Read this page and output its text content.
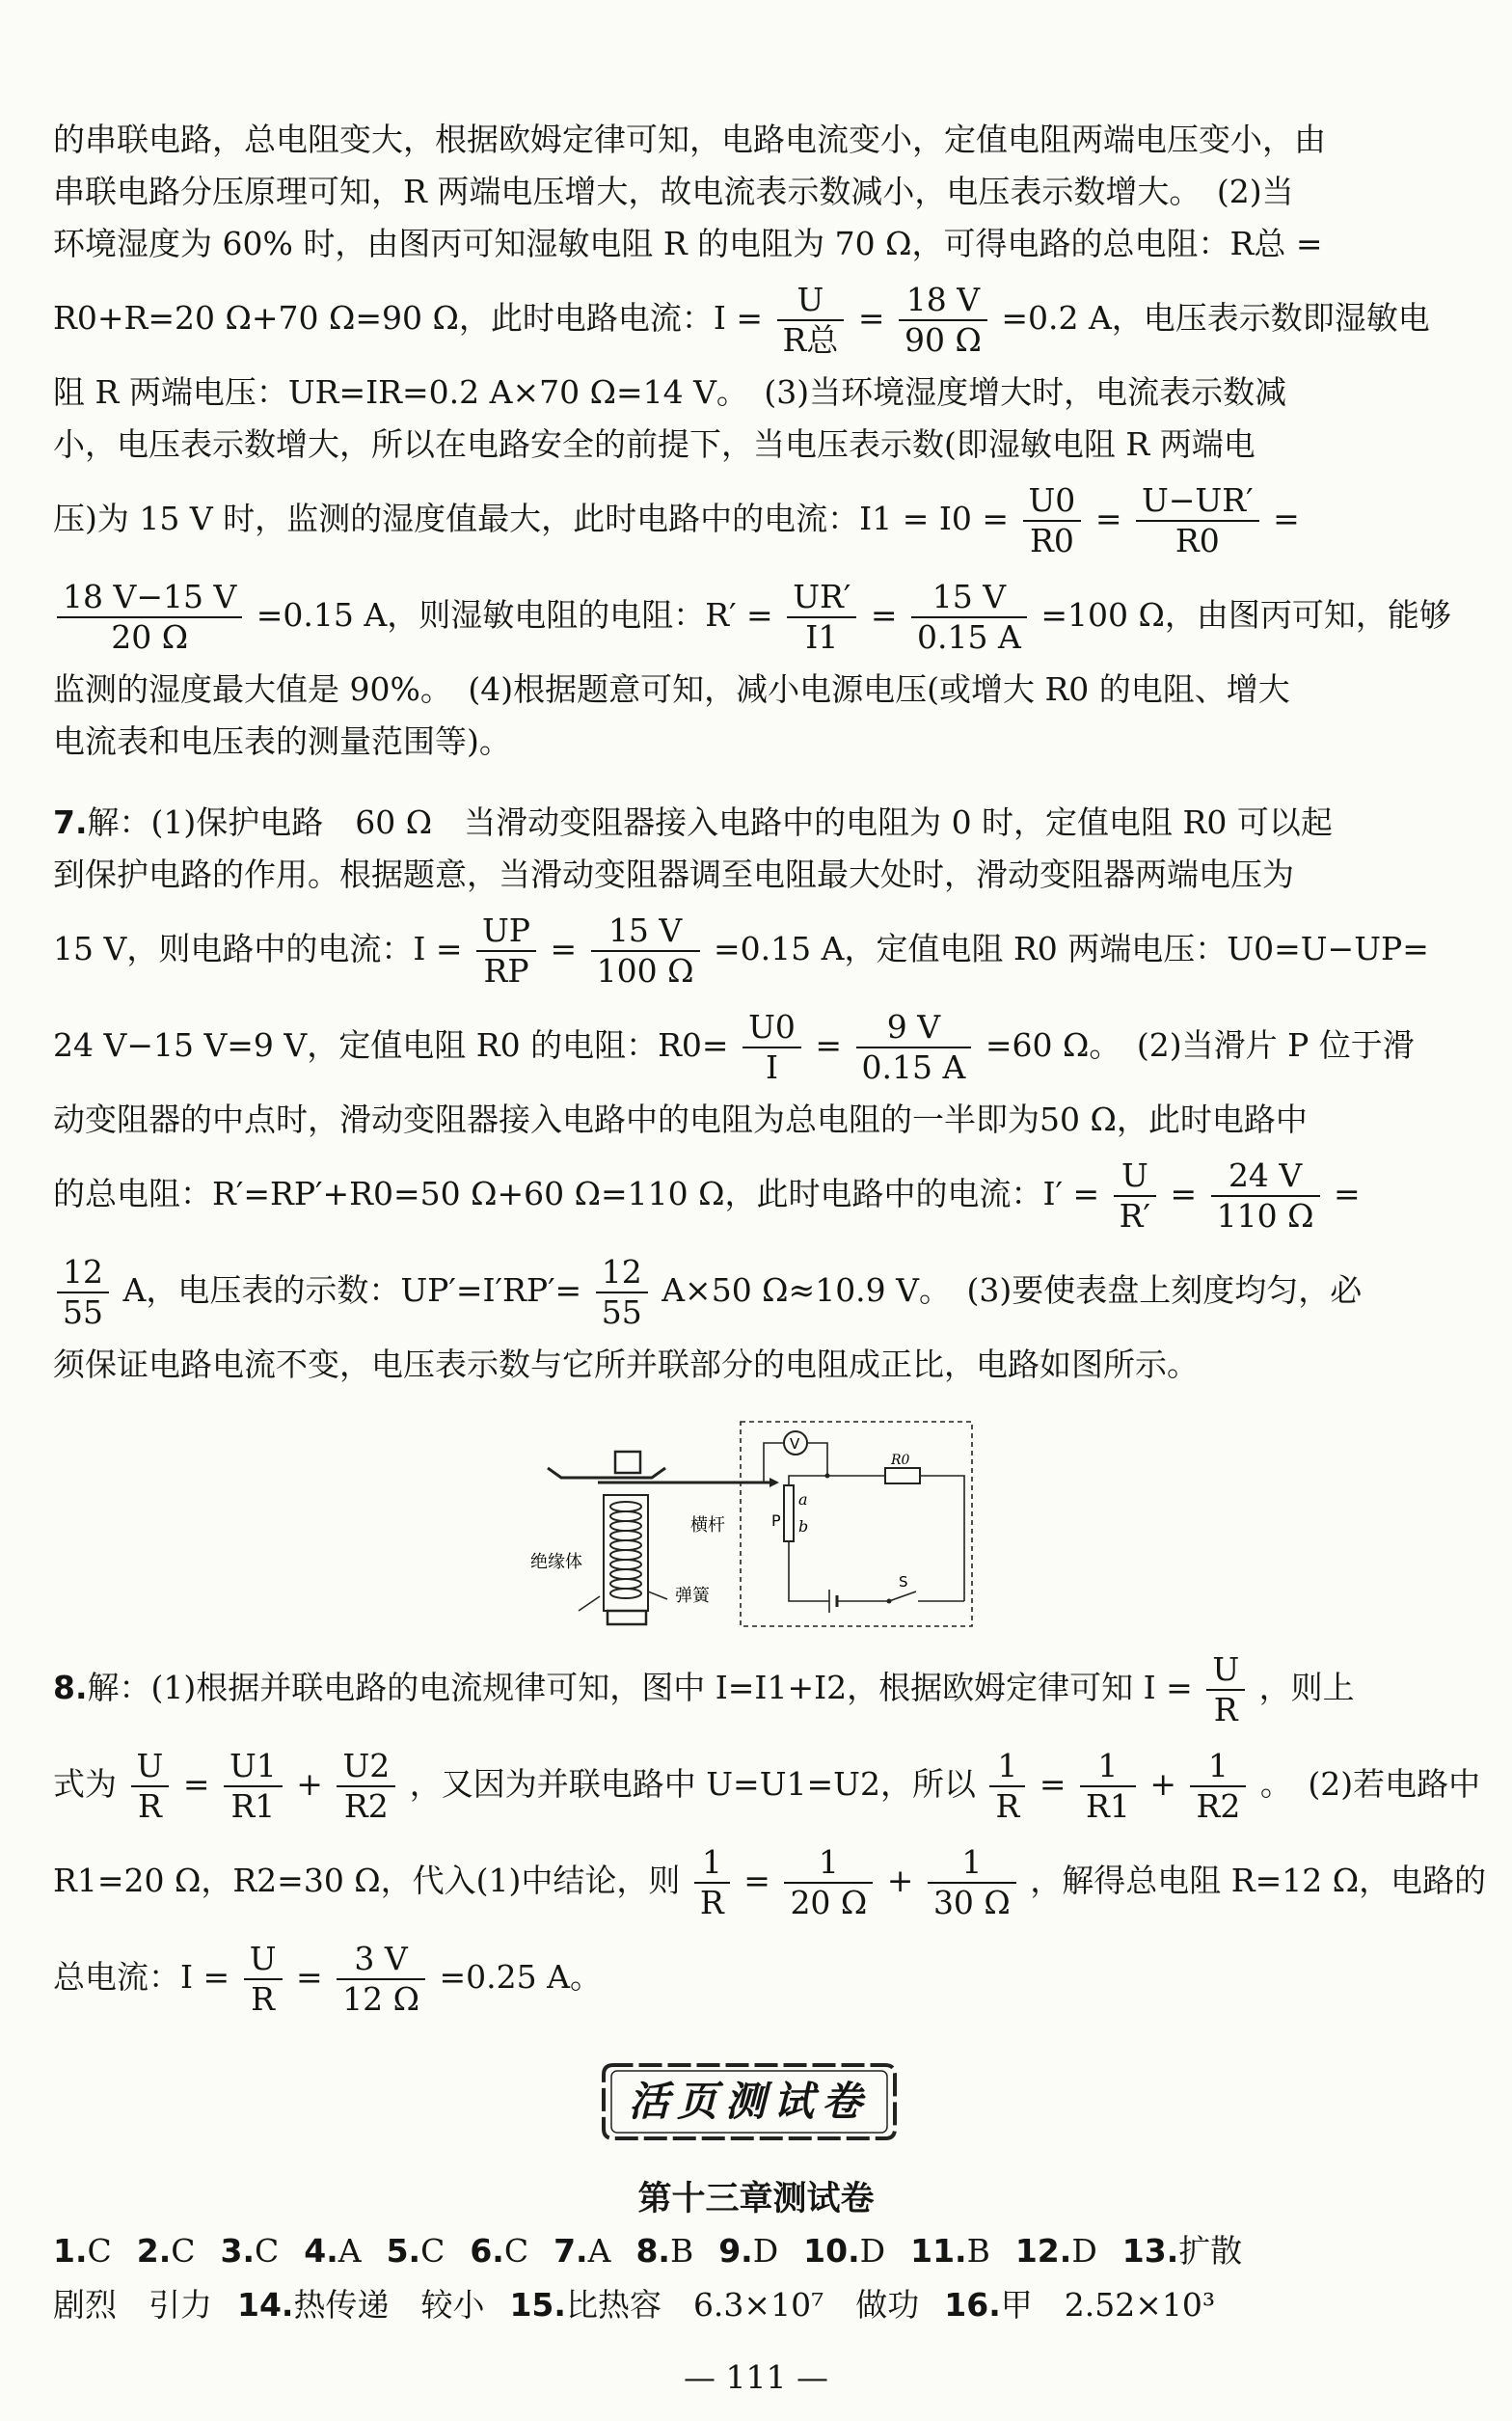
的串联电路，总电阻变大，根据欧姆定律可知，电路电流变小，定值电阻两端电压变小，由
串联电路分压原理可知，R 两端电压增大，故电流表示数减小，电压表示数增大。　(2)当
环境湿度为 60% 时，由图丙可知湿敏电阻 R 的电阻为 70 Ω，可得电路的总电阻：R总 =
R0+R=20 Ω+70 Ω=90 Ω，此时电路电流：$I = \frac{U}{\text{R总}} = \frac{18 V}{90 \Omega} =0.2$ A，电压表示数即湿敏电
阻 R 两端电压：UR=IR=0.2 A×70 Ω=14 V。　(3)当环境湿度增大时，电流表示数减
小，电压表示数增大，所以在电路安全的前提下，当电压表示数(即湿敏电阻 R 两端电
压)为 15 V 时，监测的湿度值最大，此时电路中的电流：$I1 = I0 = \frac{U0}{R0} = \frac{U-UR'}{R0}$ =
$\frac{18 V-15 V}{20 \Omega} =0.15$ A，则湿敏电阻的电阻：$R' = \frac{UR'}{I1} = \frac{15 V}{0.15 A} =100$ Ω，由图丙可知，能够
监测的湿度最大值是 90%。　(4)根据题意可知，减小电源电压(或增大 R0 的电阻、增大
电流表和电压表的测量范围等)。
7.解：(1)保护电路　60 Ω　当滑动变阻器接入电路中的电阻为 0 时，定值电阻 R0 可以起
到保护电路的作用。根据题意，当滑动变阻器调至电阻最大处时，滑动变阻器两端电压为
15 V，则电路中的电流：$I = \frac{UP}{RP} = \frac{15 V}{100 \Omega} =0.15$ A，定值电阻 R0 两端电压：U0=U−UP=
24 V−15 V=9 V，定值电阻 R0 的电阻：$R0= \frac{U0}{I} = \frac{9 V}{0.15 A} =60$ Ω。　(2)当滑片 P 位于滑
动变阻器的中点时，滑动变阻器接入电路中的电阻为总电阻的一半即为50 Ω，此时电路中
的总电阻：R′=RP′+R0=50 Ω+60 Ω=110 Ω，此时电路中的电流：$I' = \frac{U}{R'} = \frac{24 V}{110 \Omega}$ =
$\frac{12}{55}$ A，电压表的示数：$UP'=I'RP'= \frac{12}{55} A\times 50$ Ω≈10.9 V。　(3)要使表盘上刻度均匀，必
须保证电路电流不变，电压表示数与它所并联部分的电阻成正比，电路如图所示。
绝缘体
横杆
弹簧
P
a
b
V
R0
S
8.解：(1)根据并联电路的电流规律可知，图中 I=I1+I2，根据欧姆定律可知 $I = \frac{U}{R}$ ，则上
式为 $\frac{U}{R} = \frac{U1}{R1} + \frac{U2}{R2}$ ，又因为并联电路中 U=U1=U2，所以 $\frac{1}{R} = \frac{1}{R1} + \frac{1}{R2}$ 。　(2)若电路中
R1=20 Ω，R2=30 Ω，代入(1)中结论，则 $\frac{1}{R} = \frac{1}{20 \Omega} + \frac{1}{30 \Omega}$ ，解得总电阻 R=12 Ω，电路的
总电流：$I = \frac{U}{R} = \frac{3 V}{12 \Omega} =0.25$ A。
活页测试卷
第十三章测试卷
1.C 2.C 3.C 4.A 5.C 6.C 7.A 8.B 9.D 10.D 11.B 12.D 13.扩散
剧烈　引力 14.热传递　较小 15.比热容　6.3×10⁷　做功 16.甲　2.52×10³
— 111 —
